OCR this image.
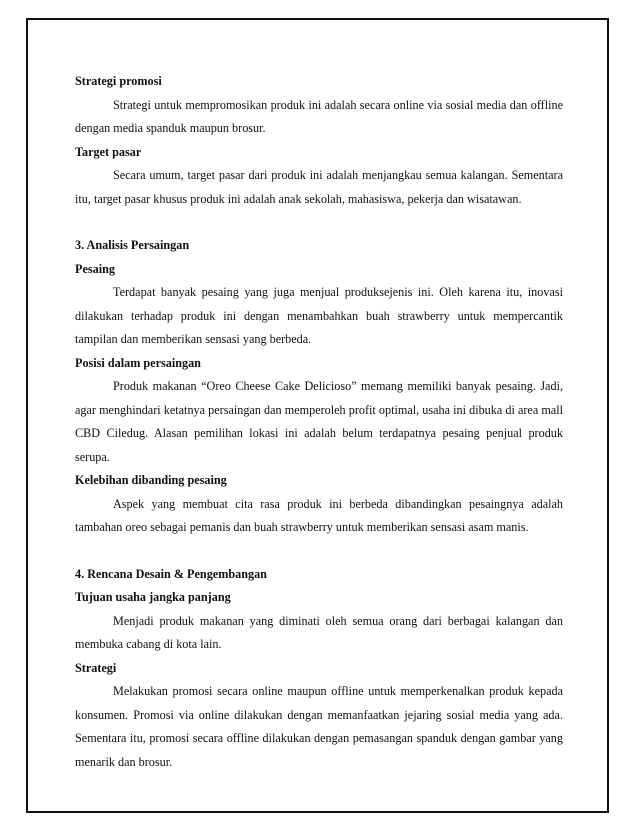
Strategi promosi

Strategi untuk mempromosikan produk ini adalah secara online via sosial media dan offline dengan media spanduk maupun brosur.

Target pasar

Secara umum, target pasar dari produk ini adalah menjangkau semua kalangan. Sementara itu, target pasar khusus produk ini adalah anak sekolah, mahasiswa, pekerja dan wisatawan.

3. Analisis Persaingan
Pesaing

Terdapat banyak pesaing yang juga menjual produksejenis ini. Oleh karena itu, inovasi dilakukan terhadap produk ini dengan menambahkan buah strawberry untuk mempercantik tampilan dan memberikan sensasi yang berbeda.

Posisi dalam persaingan

Produk makanan “Oreo Cheese Cake Delicioso” memang memiliki banyak pesaing. Jadi, agar menghindari ketatnya persaingan dan memperoleh profit optimal, usaha ini dibuka di area mall CBD Ciledug. Alasan pemilihan lokasi ini adalah belum terdapatnya pesaing penjual produk serupa.

Kelebihan dibanding pesaing

Aspek yang membuat cita rasa produk ini berbeda dibandingkan pesaingnya adalah tambahan oreo sebagai pemanis dan buah strawberry untuk memberikan sensasi asam manis.

4. Rencana Desain & Pengembangan
Tujuan usaha jangka panjang

Menjadi produk makanan yang diminati oleh semua orang dari berbagai kalangan dan membuka cabang di kota lain.

Strategi

Melakukan promosi secara online maupun offline untuk memperkenalkan produk kepada konsumen. Promosi via online dilakukan dengan memanfaatkan jejaring sosial media yang ada. Sementara itu, promosi secara offline dilakukan dengan pemasangan spanduk dengan gambar yang menarik dan brosur.
